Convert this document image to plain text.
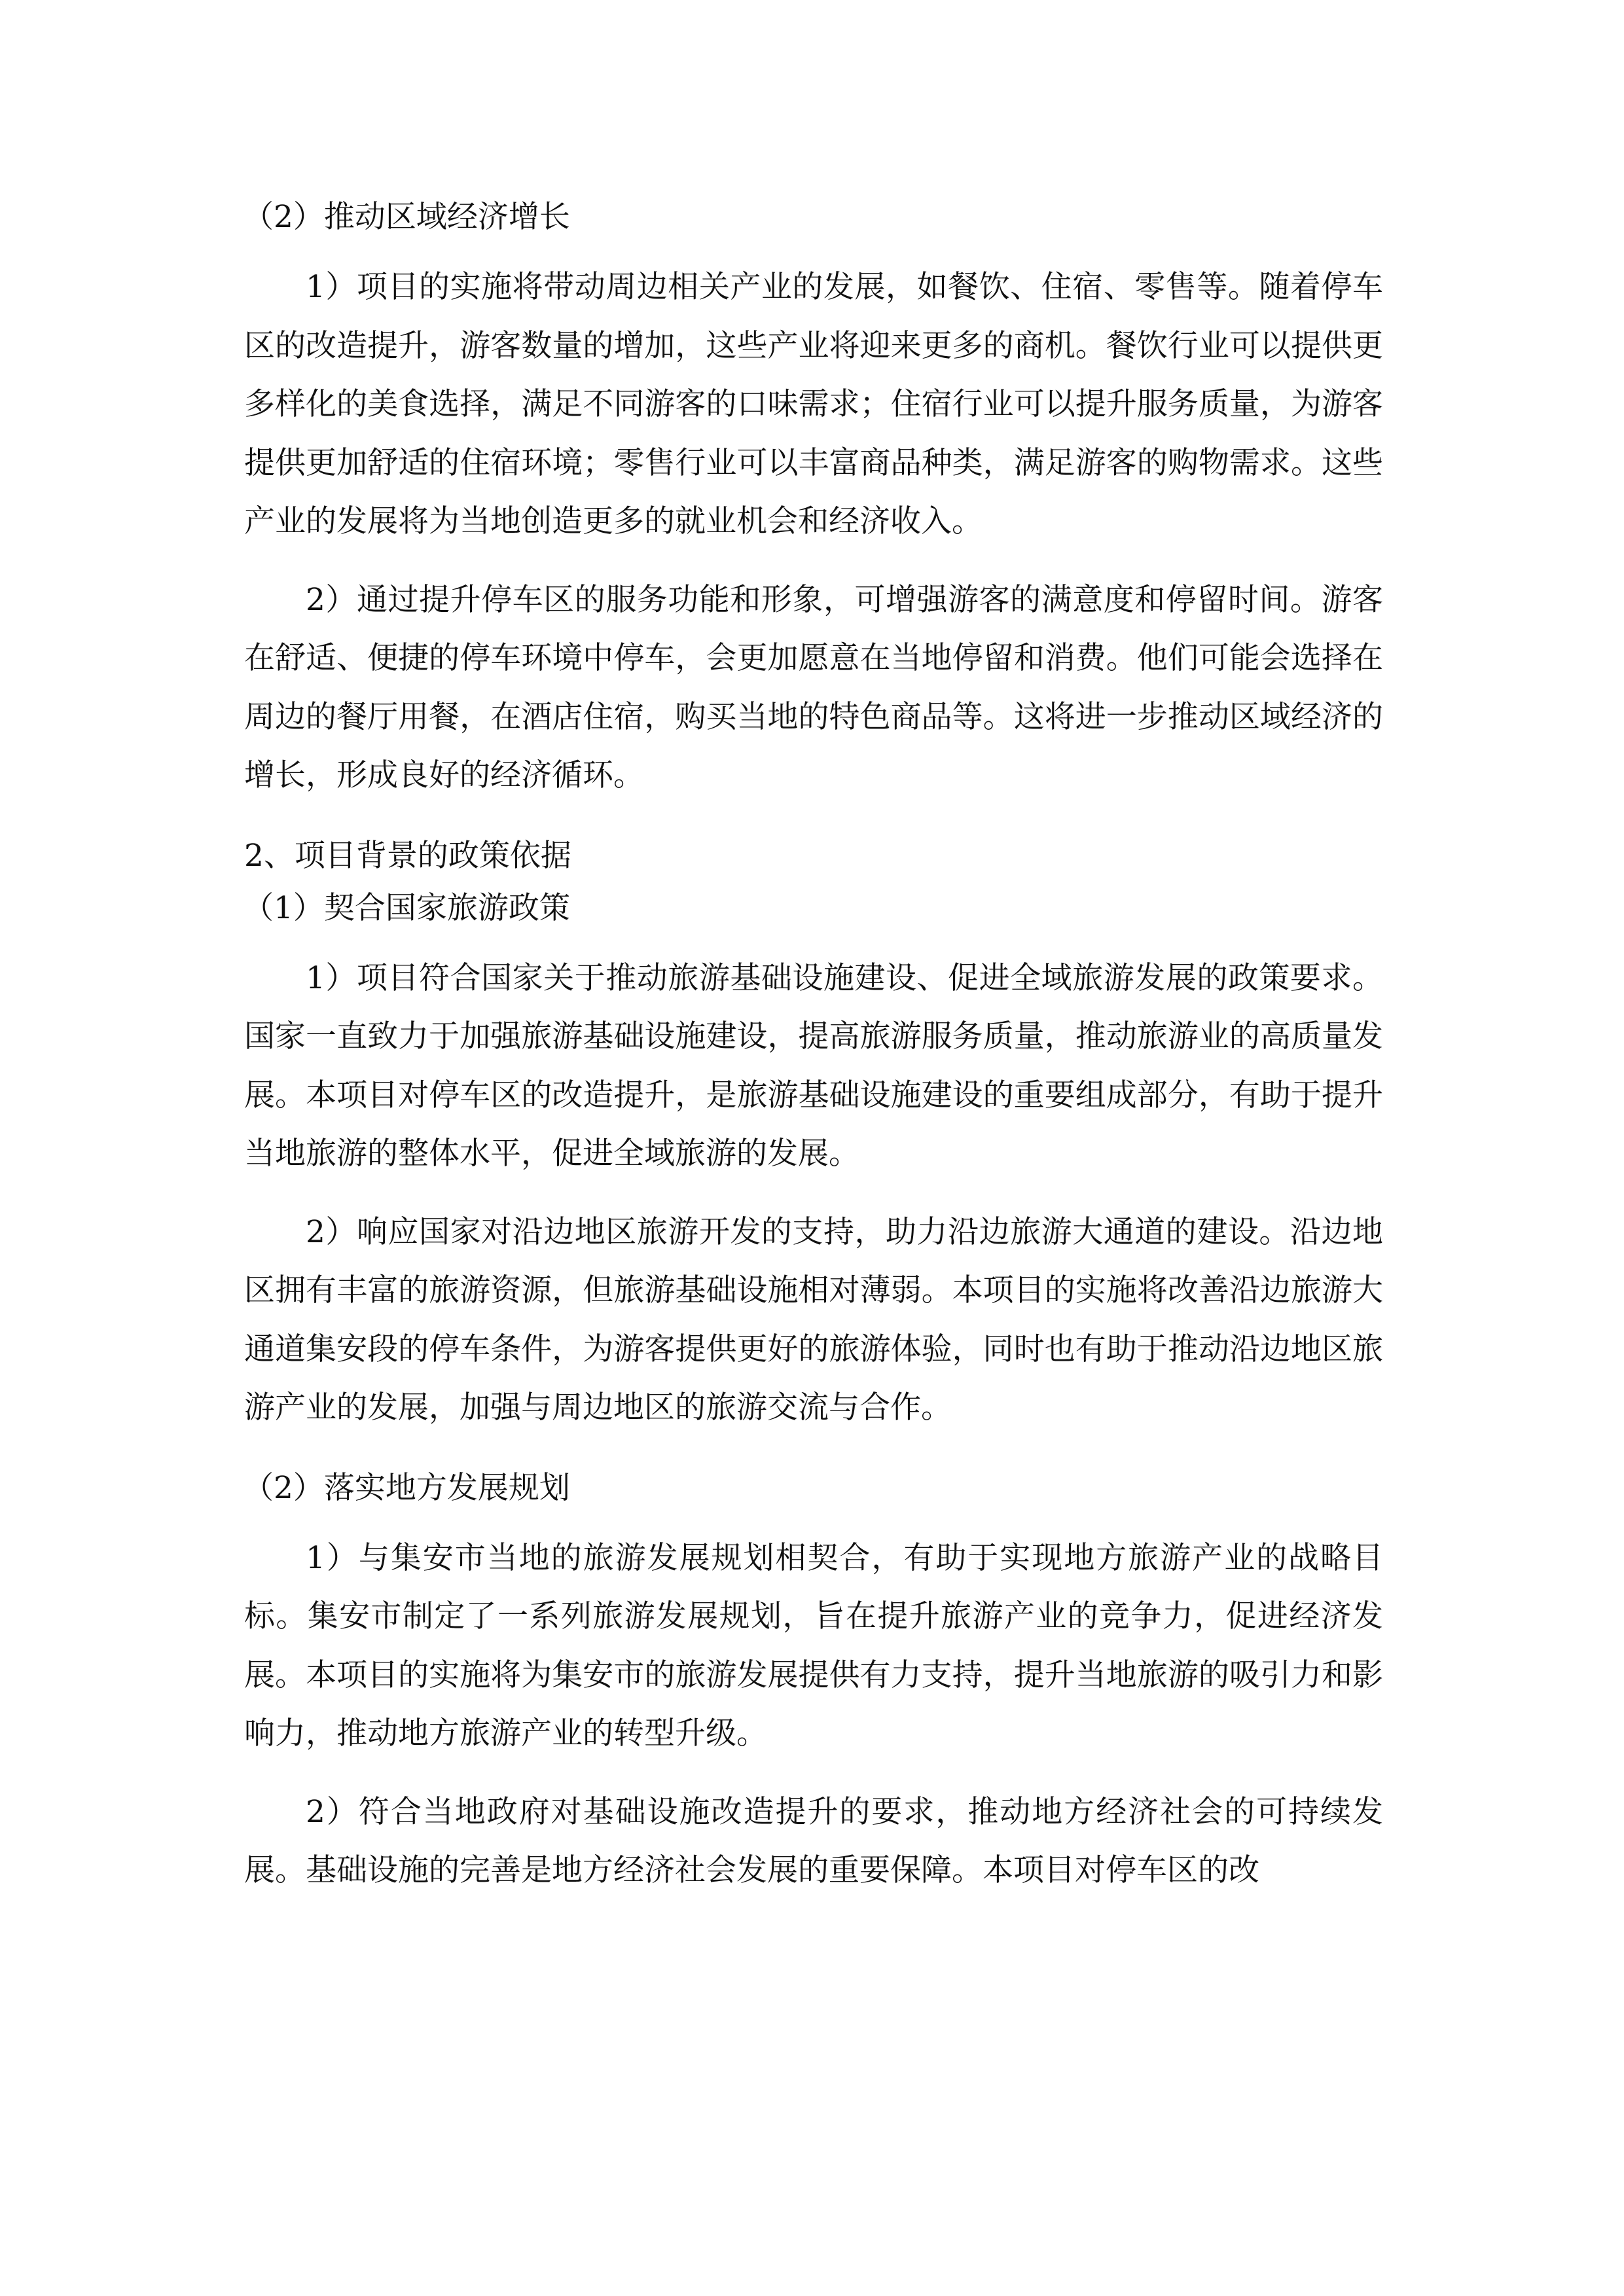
（2）推动区域经济增长

1）项目的实施将带动周边相关产业的发展，如餐饮、住宿、零售等。随着停车区的改造提升，游客数量的增加，这些产业将迎来更多的商机。餐饮行业可以提供更多样化的美食选择，满足不同游客的口味需求；住宿行业可以提升服务质量，为游客提供更加舒适的住宿环境；零售行业可以丰富商品种类，满足游客的购物需求。这些产业的发展将为当地创造更多的就业机会和经济收入。

2）通过提升停车区的服务功能和形象，可增强游客的满意度和停留时间。游客在舒适、便捷的停车环境中停车，会更加愿意在当地停留和消费。他们可能会选择在周边的餐厅用餐，在酒店住宿，购买当地的特色商品等。这将进一步推动区域经济的增长，形成良好的经济循环。

2、项目背景的政策依据

（1）契合国家旅游政策

1）项目符合国家关于推动旅游基础设施建设、促进全域旅游发展的政策要求。国家一直致力于加强旅游基础设施建设，提高旅游服务质量，推动旅游业的高质量发展。本项目对停车区的改造提升，是旅游基础设施建设的重要组成部分，有助于提升当地旅游的整体水平，促进全域旅游的发展。

2）响应国家对沿边地区旅游开发的支持，助力沿边旅游大通道的建设。沿边地区拥有丰富的旅游资源，但旅游基础设施相对薄弱。本项目的实施将改善沿边旅游大通道集安段的停车条件，为游客提供更好的旅游体验，同时也有助于推动沿边地区旅游产业的发展，加强与周边地区的旅游交流与合作。

（2）落实地方发展规划

1）与集安市当地的旅游发展规划相契合，有助于实现地方旅游产业的战略目标。集安市制定了一系列旅游发展规划，旨在提升旅游产业的竞争力，促进经济发展。本项目的实施将为集安市的旅游发展提供有力支持，提升当地旅游的吸引力和影响力，推动地方旅游产业的转型升级。

2）符合当地政府对基础设施改造提升的要求，推动地方经济社会的可持续发展。基础设施的完善是地方经济社会发展的重要保障。本项目对停车区的改
